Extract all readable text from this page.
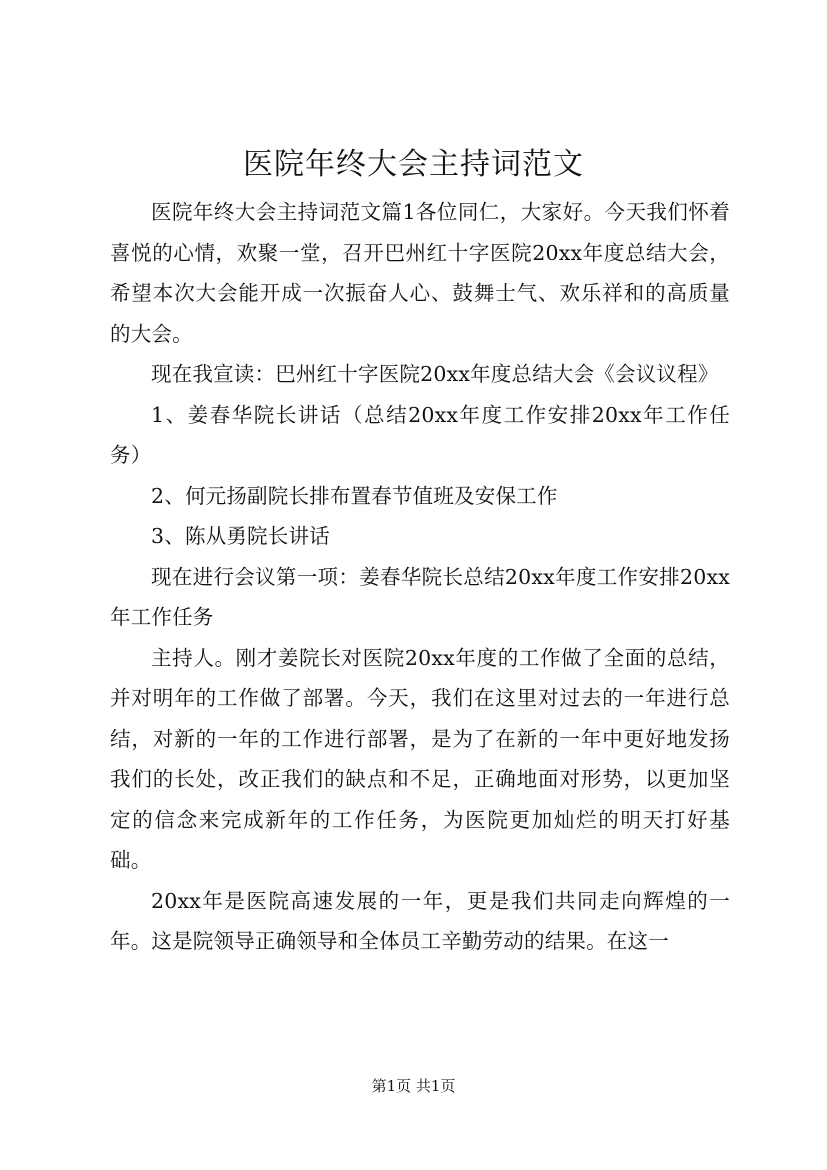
医院年终大会主持词范文

医院年终大会主持词范文篇1各位同仁，大家好。今天我们怀着喜悦的心情，欢聚一堂，召开巴州红十字医院20xx年度总结大会，希望本次大会能开成一次振奋人心、鼓舞士气、欢乐祥和的高质量的大会。

现在我宣读：巴州红十字医院20xx年度总结大会《会议议程》

1、姜春华院长讲话（总结20xx年度工作安排20xx年工作任务）

2、何元扬副院长排布置春节值班及安保工作

3、陈从勇院长讲话

现在进行会议第一项：姜春华院长总结20xx年度工作安排20xx年工作任务

主持人。刚才姜院长对医院20xx年度的工作做了全面的总结，并对明年的工作做了部署。今天，我们在这里对过去的一年进行总结，对新的一年的工作进行部署，是为了在新的一年中更好地发扬我们的长处，改正我们的缺点和不足，正确地面对形势，以更加坚定的信念来完成新年的工作任务，为医院更加灿烂的明天打好基础。

20xx年是医院高速发展的一年，更是我们共同走向辉煌的一年。这是院领导正确领导和全体员工辛勤劳动的结果。在这一

第1页 共1页
